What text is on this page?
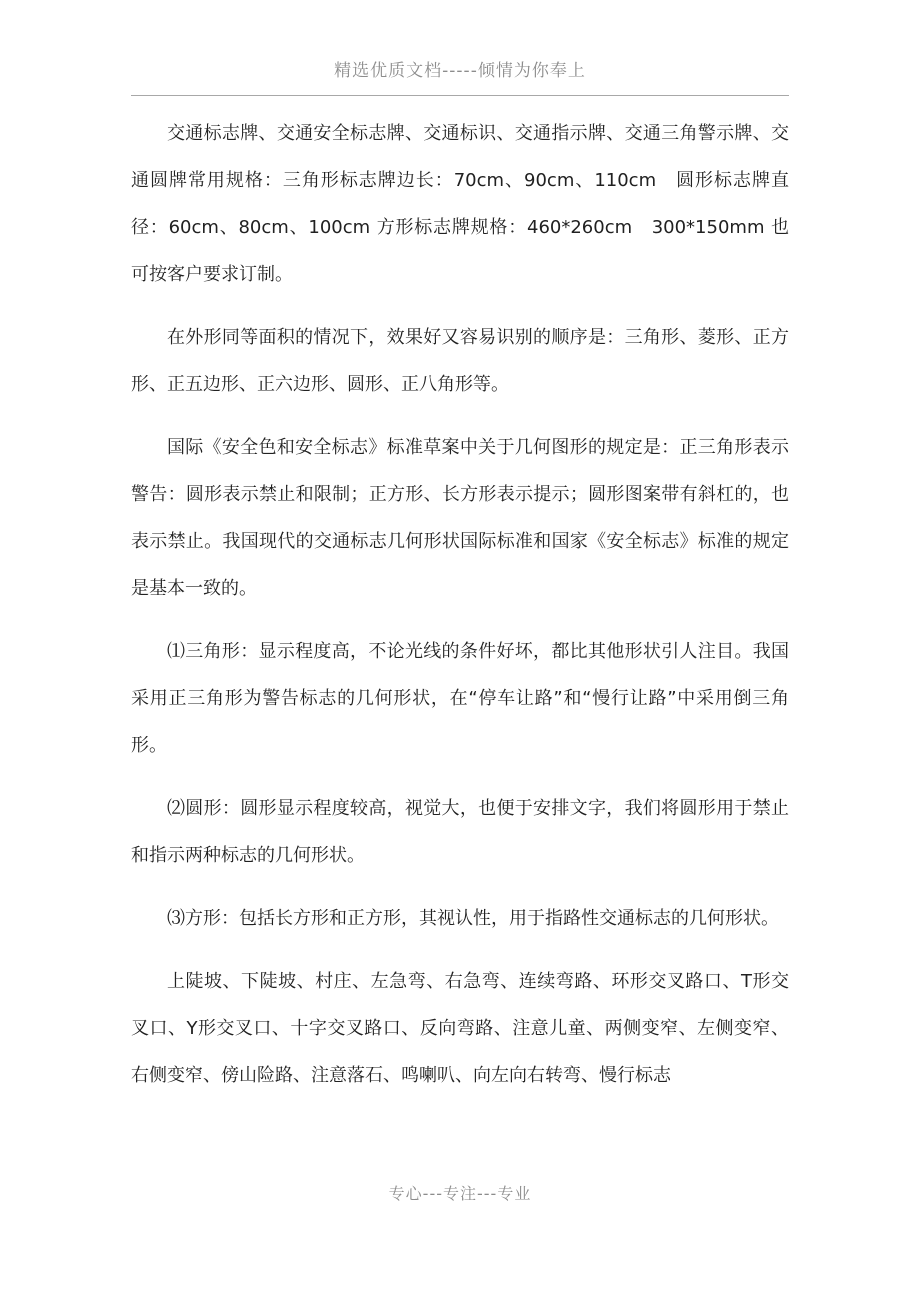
精选优质文档-----倾情为你奉上

交通标志牌、交通安全标志牌、交通标识、交通指示牌、交通三角警示牌、交通圆牌常用规格：三角形标志牌边长：70cm、90cm、110cm　圆形标志牌直径：60cm、80cm、100cm 方形标志牌规格：460*260cm　300*150mm 也可按客户要求订制。

在外形同等面积的情况下，效果好又容易识别的顺序是：三角形、菱形、正方形、正五边形、正六边形、圆形、正八角形等。

国际《安全色和安全标志》标准草案中关于几何图形的规定是：正三角形表示警告：圆形表示禁止和限制；正方形、长方形表示提示；圆形图案带有斜杠的，也表示禁止。我国现代的交通标志几何形状国际标准和国家《安全标志》标准的规定是基本一致的。

⑴三角形：显示程度高，不论光线的条件好坏，都比其他形状引人注目。我国采用正三角形为警告标志的几何形状，在“停车让路”和“慢行让路”中采用倒三角形。

⑵圆形：圆形显示程度较高，视觉大，也便于安排文字，我们将圆形用于禁止和指示两种标志的几何形状。

⑶方形：包括长方形和正方形，其视认性，用于指路性交通标志的几何形状。

上陡坡、下陡坡、村庄、左急弯、右急弯、连续弯路、环形交叉路口、T形交叉口、Y形交叉口、十字交叉路口、反向弯路、注意儿童、两侧变窄、左侧变窄、右侧变窄、傍山险路、注意落石、鸣喇叭、向左向右转弯、慢行标志

专心---专注---专业
